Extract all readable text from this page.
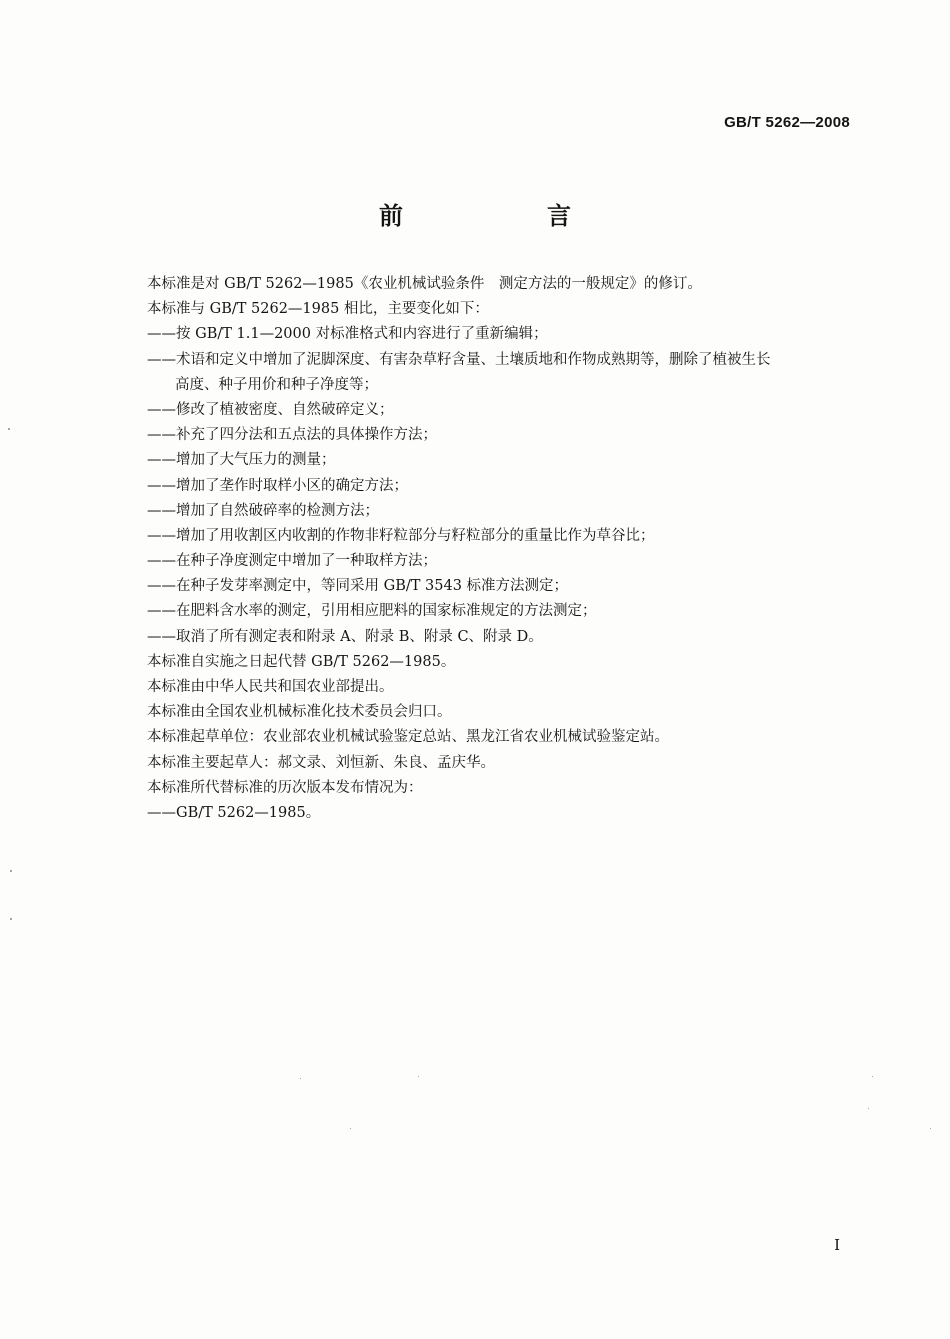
GB/T 5262—2008
前　言
本标准是对 GB/T 5262—1985《农业机械试验条件　测定方法的一般规定》的修订。
本标准与 GB/T 5262—1985 相比，主要变化如下：
——按 GB/T 1.1—2000 对标准格式和内容进行了重新编辑；
——术语和定义中增加了泥脚深度、有害杂草籽含量、土壤质地和作物成熟期等，删除了植被生长
高度、种子用价和种子净度等；
——修改了植被密度、自然破碎定义；
——补充了四分法和五点法的具体操作方法；
——增加了大气压力的测量；
——增加了垄作时取样小区的确定方法；
——增加了自然破碎率的检测方法；
——增加了用收割区内收割的作物非籽粒部分与籽粒部分的重量比作为草谷比；
——在种子净度测定中增加了一种取样方法；
——在种子发芽率测定中，等同采用 GB/T 3543 标准方法测定；
——在肥料含水率的测定，引用相应肥料的国家标准规定的方法测定；
——取消了所有测定表和附录 A、附录 B、附录 C、附录 D。
本标准自实施之日起代替 GB/T 5262—1985。
本标准由中华人民共和国农业部提出。
本标准由全国农业机械标准化技术委员会归口。
本标准起草单位：农业部农业机械试验鉴定总站、黑龙江省农业机械试验鉴定站。
本标准主要起草人：郝文录、刘恒新、朱良、孟庆华。
本标准所代替标准的历次版本发布情况为：
——GB/T 5262—1985。
I
